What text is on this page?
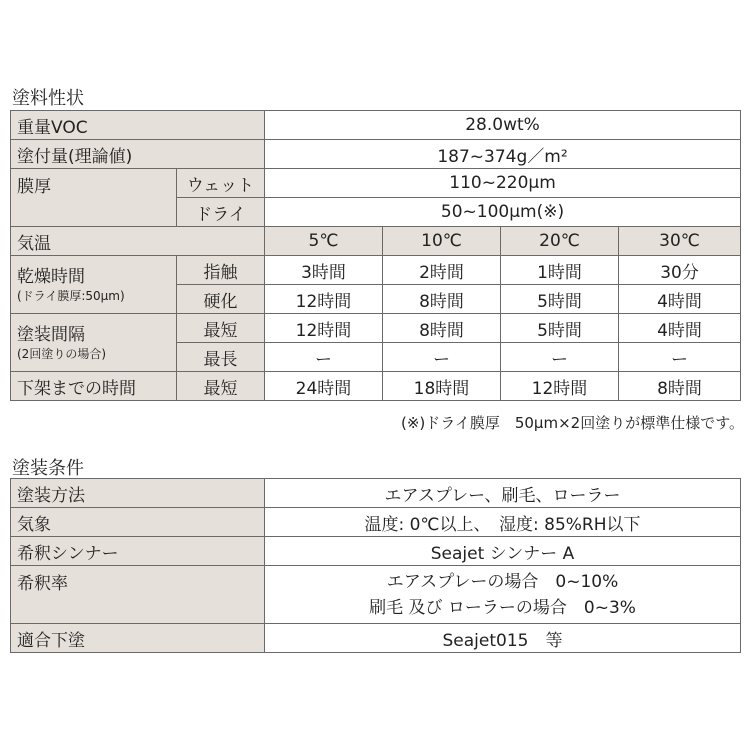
塗料性状
重量VOC		28.0wt%			
塗付量(理論値)		187~374g／m²			
膜厚	ウェット	110~220μm			
	ドライ	50~100μm(※)			
気温		5℃	10℃	20℃	30℃

乾燥時間
(ドライ膜厚:50μm)	指触	3時間	2時間	1時間	30分
	硬化	12時間	8時間	5時間	4時間

塗装間隔
(2回塗りの場合)	最短	12時間	8時間	5時間	4時間
	最長	ー	ー	ー	ー
下架までの時間	最短	24時間	18時間	12時間	8時間
(※)ドライ膜厚　50μm×2回塗りが標準仕様です。
塗装条件
塗装方法	エアスプレー、刷毛、ローラー
気象	温度: 0℃以上、　湿度: 85%RH以下
希釈シンナー	Seajet シンナー A
希釈率	エアスプレーの場合　0~10%
刷毛 及び ローラーの場合　0~3%

適合下塗	Seajet015　等
